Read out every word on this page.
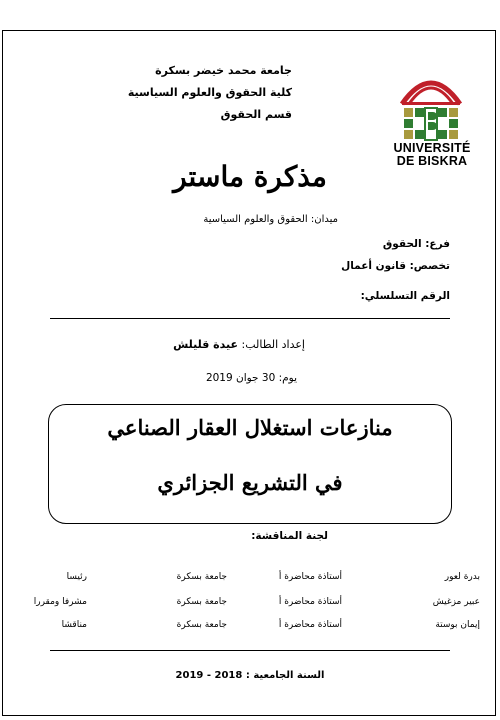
جامعة محمد خيضر بسكرة
كلية الحقوق والعلوم السياسية
قسم الحقوق
UNIVERSITÉ
DE BISKRA
مذكرة ماستر
ميدان: الحقوق والعلوم السياسية
فرع: الحقوق
تخصص: قانون أعمال
الرقم التسلسلي:
إعداد الطالب: عيدة قليلش
يوم: 30 جوان 2019
منازعات استغلال العقار الصناعي
في التشريع الجزائري
لجنة المناقشة:
بدرة لعور
أستاذة محاضرة أ
جامعة بسكرة
رئيسا
عبير مزغيش
أستاذة محاضرة أ
جامعة بسكرة
مشرفا ومقررا
إيمان بوستة
أستاذة محاضرة أ
جامعة بسكرة
مناقشا
السنة الجامعية : 2018 - 2019
